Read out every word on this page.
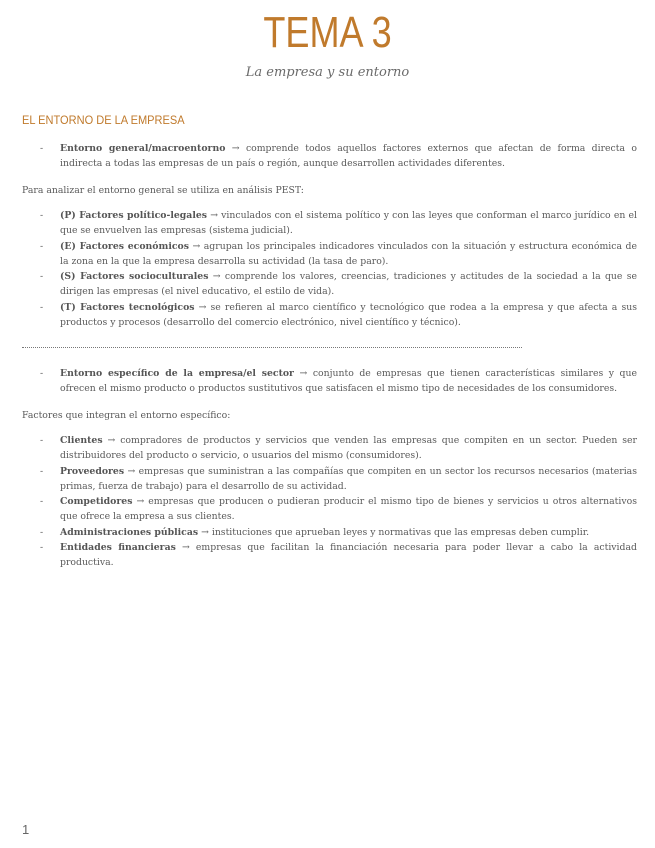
TEMA 3
La empresa y su entorno
EL ENTORNO DE LA EMPRESA
- Entorno general/macroentorno → comprende todos aquellos factores externos que afectan de forma directa o indirecta a todas las empresas de un país o región, aunque desarrollen actividades diferentes.
Para analizar el entorno general se utiliza en análisis PEST:
- (P) Factores político-legales → vinculados con el sistema político y con las leyes que conforman el marco jurídico en el que se envuelven las empresas (sistema judicial).
- (E) Factores económicos → agrupan los principales indicadores vinculados con la situación y estructura económica de la zona en la que la empresa desarrolla su actividad (la tasa de paro).
- (S) Factores socioculturales → comprende los valores, creencias, tradiciones y actitudes de la sociedad a la que se dirigen las empresas (el nivel educativo, el estilo de vida).
- (T) Factores tecnológicos → se refieren al marco científico y tecnológico que rodea a la empresa y que afecta a sus productos y procesos (desarrollo del comercio electrónico, nivel científico y técnico).
- Entorno específico de la empresa/el sector → conjunto de empresas que tienen características similares y que ofrecen el mismo producto o productos sustitutivos que satisfacen el mismo tipo de necesidades de los consumidores.
Factores que integran el entorno específico:
- Clientes → compradores de productos y servicios que venden las empresas que compiten en un sector. Pueden ser distribuidores del producto o servicio, o usuarios del mismo (consumidores).
- Proveedores → empresas que suministran a las compañías que compiten en un sector los recursos necesarios (materias primas, fuerza de trabajo) para el desarrollo de su actividad.
- Competidores → empresas que producen o pudieran producir el mismo tipo de bienes y servicios u otros alternativos que ofrece la empresa a sus clientes.
- Administraciones públicas → instituciones que aprueban leyes y normativas que las empresas deben cumplir.
- Entidades financieras → empresas que facilitan la financiación necesaria para poder llevar a cabo la actividad productiva.
1
